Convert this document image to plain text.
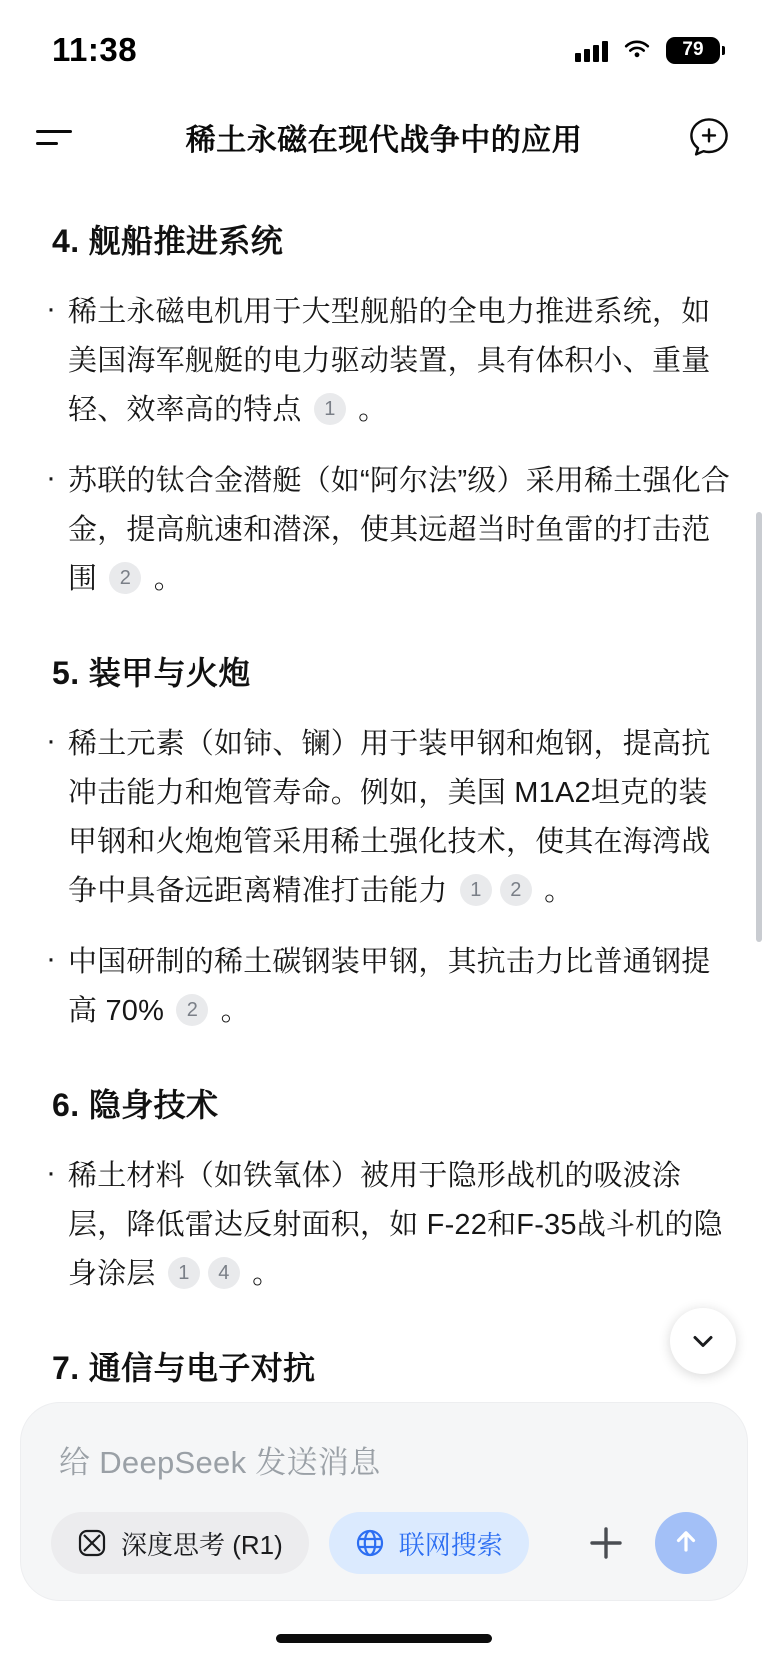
11:38	79
稀土永磁在现代战争中的应用
4. 舰船推进系统
· 稀土永磁电机用于大型舰船的全电力推进系统，如美国海军舰艇的电力驱动装置，具有体积小、重量轻、效率高的特点 1 。
· 苏联的钛合金潜艇（如“阿尔法”级）采用稀土强化合金，提高航速和潜深，使其远超当时鱼雷的打击范围 2 。
5. 装甲与火炮
· 稀土元素（如铈、镧）用于装甲钢和炮钢，提高抗冲击能力和炮管寿命。例如，美国 M1A2坦克的装甲钢和火炮炮管采用稀土强化技术，使其在海湾战争中具备远距离精准打击能力 1 2 。
· 中国研制的稀土碳钢装甲钢，其抗击力比普通钢提高 70% 2 。
6. 隐身技术
· 稀土材料（如铁氧体）被用于隐形战机的吸波涂层，降低雷达反射面积，如 F-22和F-35战斗机的隐身涂层 1 4 。
7. 通信与电子对抗
给 DeepSeek 发送消息
深度思考 (R1)	联网搜索
